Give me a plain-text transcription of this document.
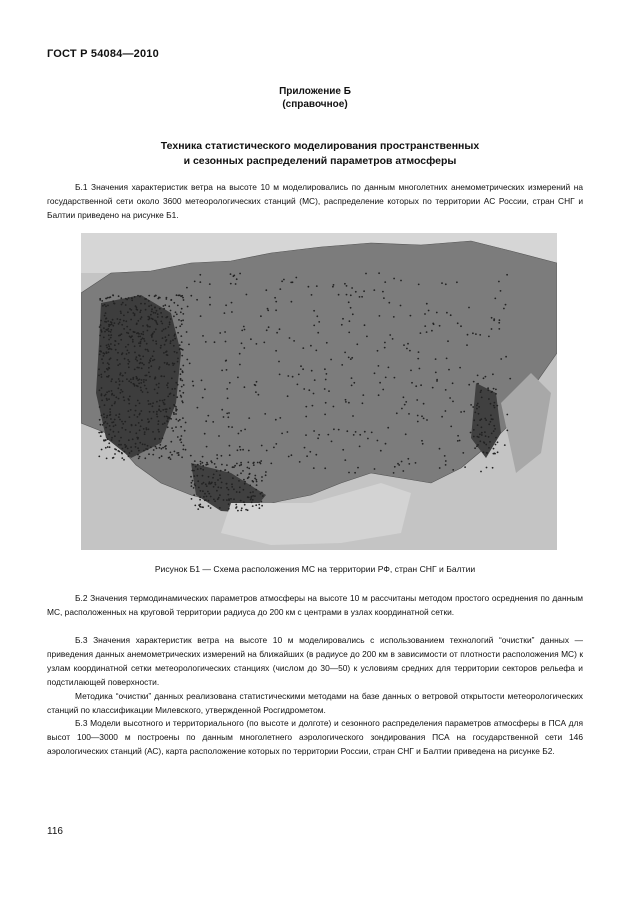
ГОСТ Р 54084—2010
Приложение Б
(справочное)
Техника статистического моделирования пространственных
и сезонных распределений параметров атмосферы
Б.1 Значения характеристик ветра на высоте 10 м моделировались по данным многолетних анемометрических измерений на государственной сети около 3600 метеорологических станций (МС), распределение которых по территории АС России, стран СНГ и Балтии приведено на рисунке Б1.
Рисунок Б1 — Схема расположения МС на территории РФ, стран СНГ и Балтии
Б.2 Значения термодинамических параметров атмосферы на высоте 10 м рассчитаны методом простого осреднения по данным МС, расположенных на круговой территории радиуса до 200 км с центрами в узлах координатной сетки.
Б.3 Значения характеристик ветра на высоте 10 м моделировались с использованием технологий “очистки” данных — приведения данных анемометрических измерений на ближайших (в радиусе до 200 км в зависимости от плотности расположения МС) к узлам координатной сетки метеорологических станциях (числом до 30—50) к условиям средних для территории секторов рельефа и подстилающей поверхности.
Методика “очистки” данных реализована статистическими методами на базе данных о ветровой открытости метеорологических станций по классификации Милевского, утвержденной Росгидрометом.
Б.3 Модели высотного и территориального (по высоте и долготе) и сезонного распределения параметров атмосферы в ПСА для высот 100—3000 м построены по данным многолетнего аэрологического зондирования ПСА на государственной сети 146 аэрологических станций (АС), карта расположение которых по территории России, стран СНГ и Балтии приведена на рисунке Б2.
116
